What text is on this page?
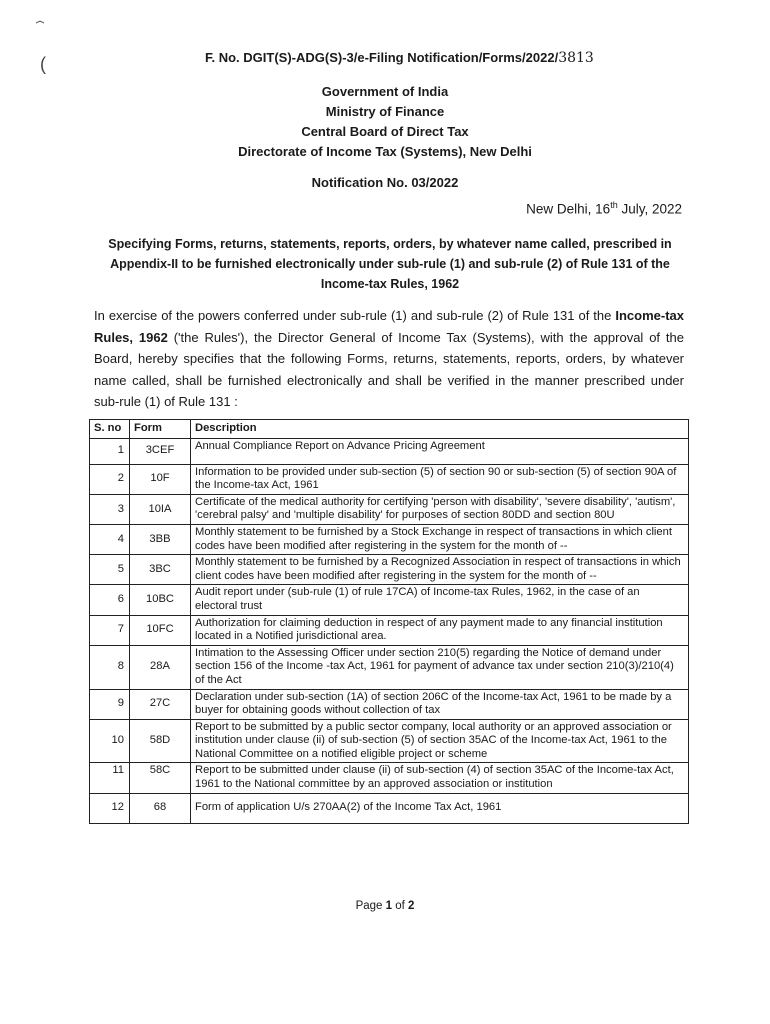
(	F. No. DGIT(S)-ADG(S)-3/e-Filing Notification/Forms/2022/3813
Government of India
Ministry of Finance
Central Board of Direct Tax
Directorate of Income Tax (Systems), New Delhi
Notification No. 03/2022
New Delhi, 16th July, 2022
Specifying Forms, returns, statements, reports, orders, by whatever name called, prescribed in Appendix-II to be furnished electronically under sub-rule (1) and sub-rule (2) of Rule 131 of the Income-tax Rules, 1962
In exercise of the powers conferred under sub-rule (1) and sub-rule (2) of Rule 131 of the Income-tax Rules, 1962 ('the Rules'), the Director General of Income Tax (Systems), with the approval of the Board, hereby specifies that the following Forms, returns, statements, reports, orders, by whatever name called, shall be furnished electronically and shall be verified in the manner prescribed under sub-rule (1) of Rule 131 :
S. no	Form	Description
1	3CEF	Annual Compliance Report on Advance Pricing Agreement
2	10F	Information to be provided under sub-section (5) of section 90 or sub-section (5) of section 90A of the Income-tax Act, 1961
3	10IA	Certificate of the medical authority for certifying 'person with disability', 'severe disability', 'autism', 'cerebral palsy' and 'multiple disability' for purposes of section 80DD and section 80U
4	3BB	Monthly statement to be furnished by a Stock Exchange in respect of transactions in which client codes have been modified after registering in the system for the month of --
5	3BC	Monthly statement to be furnished by a Recognized Association in respect of transactions in which client codes have been modified after registering in the system for the month of --
6	10BC	Audit report under (sub-rule (1) of rule 17CA) of Income-tax Rules, 1962, in the case of an electoral trust
7	10FC	Authorization for claiming deduction in respect of any payment made to any financial institution located in a Notified jurisdictional area.
8	28A	Intimation to the Assessing Officer under section 210(5) regarding the Notice of demand under section 156 of the Income -tax Act, 1961 for payment of advance tax under section 210(3)/210(4) of the Act
9	27C	Declaration under sub-section (1A) of section 206C of the Income-tax Act, 1961 to be made by a buyer for obtaining goods without collection of tax
10	58D	Report to be submitted by a public sector company, local authority or an approved association or institution under clause (ii) of sub-section (5) of section 35AC of the Income-tax Act, 1961 to the National Committee on a notified eligible project or scheme
11	58C	Report to be submitted under clause (ii) of sub-section (4) of section 35AC of the Income-tax Act, 1961 to the National committee by an approved association or institution
12	68	Form of application U/s 270AA(2) of the Income Tax Act, 1961
Page 1 of 2
